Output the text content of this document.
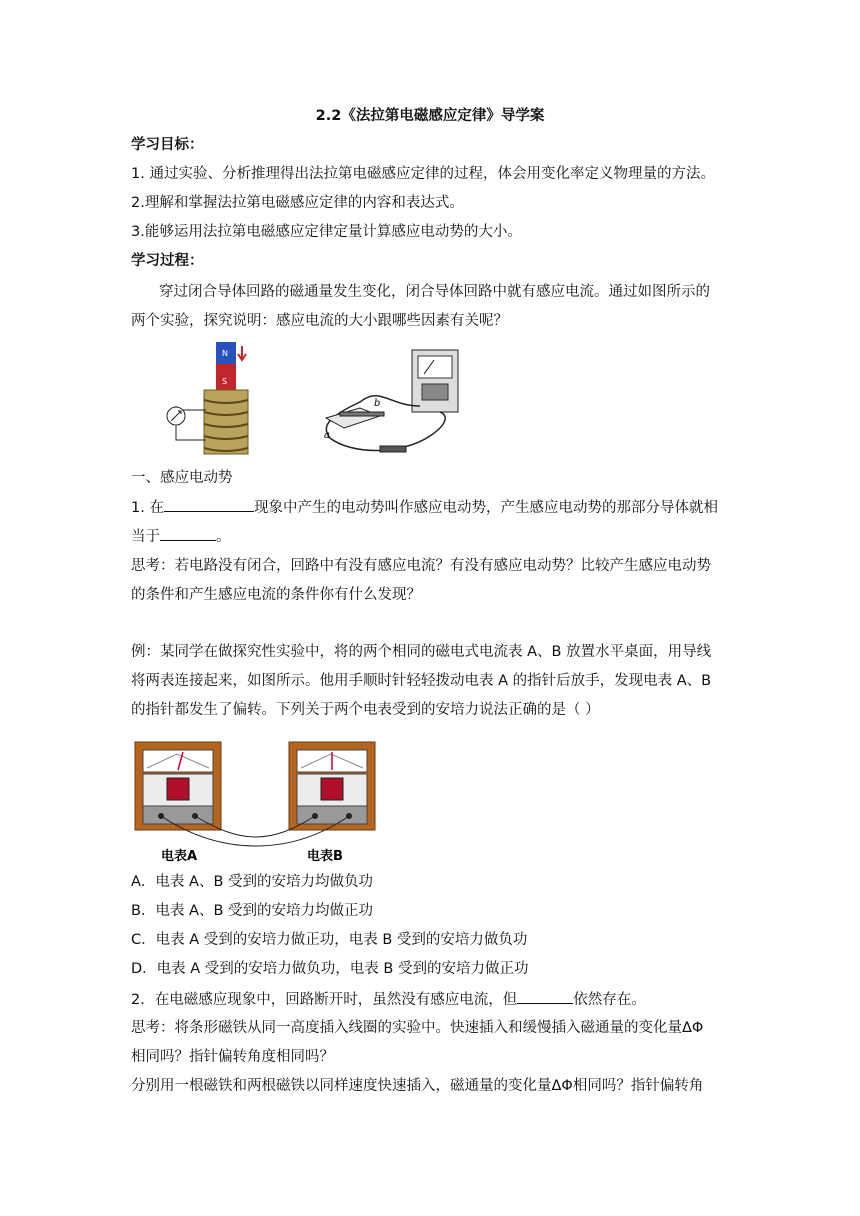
2.2《法拉第电磁感应定律》导学案
学习目标：
1. 通过实验、分析推理得出法拉第电磁感应定律的过程，体会用变化率定义物理量的方法。
2.理解和掌握法拉第电磁感应定律的内容和表达式。
3.能够运用法拉第电磁感应定律定量计算感应电动势的大小。
学习过程：
穿过闭合导体回路的磁通量发生变化，闭合导体回路中就有感应电流。通过如图所示的
两个实验，探究说明：感应电流的大小跟哪些因素有关呢？
N
S
a
b
一、感应电动势
1. 在	现象中产生的电动势叫作感应电动势，产生感应电动势的那部分导体就相
当于	。
思考：若电路没有闭合，回路中有没有感应电流？有没有感应电动势？比较产生感应电动势
的条件和产生感应电流的条件你有什么发现？
例：某同学在做探究性实验中，将的两个相同的磁电式电流表 A、B 放置水平桌面，用导线
将两表连接起来，如图所示。他用手顺时针轻轻拨动电表 A 的指针后放手，发现电表 A、B
的指针都发生了偏转。下列关于两个电表受到的安培力说法正确的是（ ）
电表A	电表B
A．电表 A、B 受到的安培力均做负功
B．电表 A、B 受到的安培力均做正功
C．电表 A 受到的安培力做正功，电表 B 受到的安培力做负功
D．电表 A 受到的安培力做负功，电表 B 受到的安培力做正功
2．在电磁感应现象中，回路断开时，虽然没有感应电流，但	依然存在。
思考：将条形磁铁从同一高度插入线圈的实验中。快速插入和缓慢插入磁通量的变化量ΔΦ
相同吗？指针偏转角度相同吗？
分别用一根磁铁和两根磁铁以同样速度快速插入，磁通量的变化量ΔΦ相同吗？指针偏转角
